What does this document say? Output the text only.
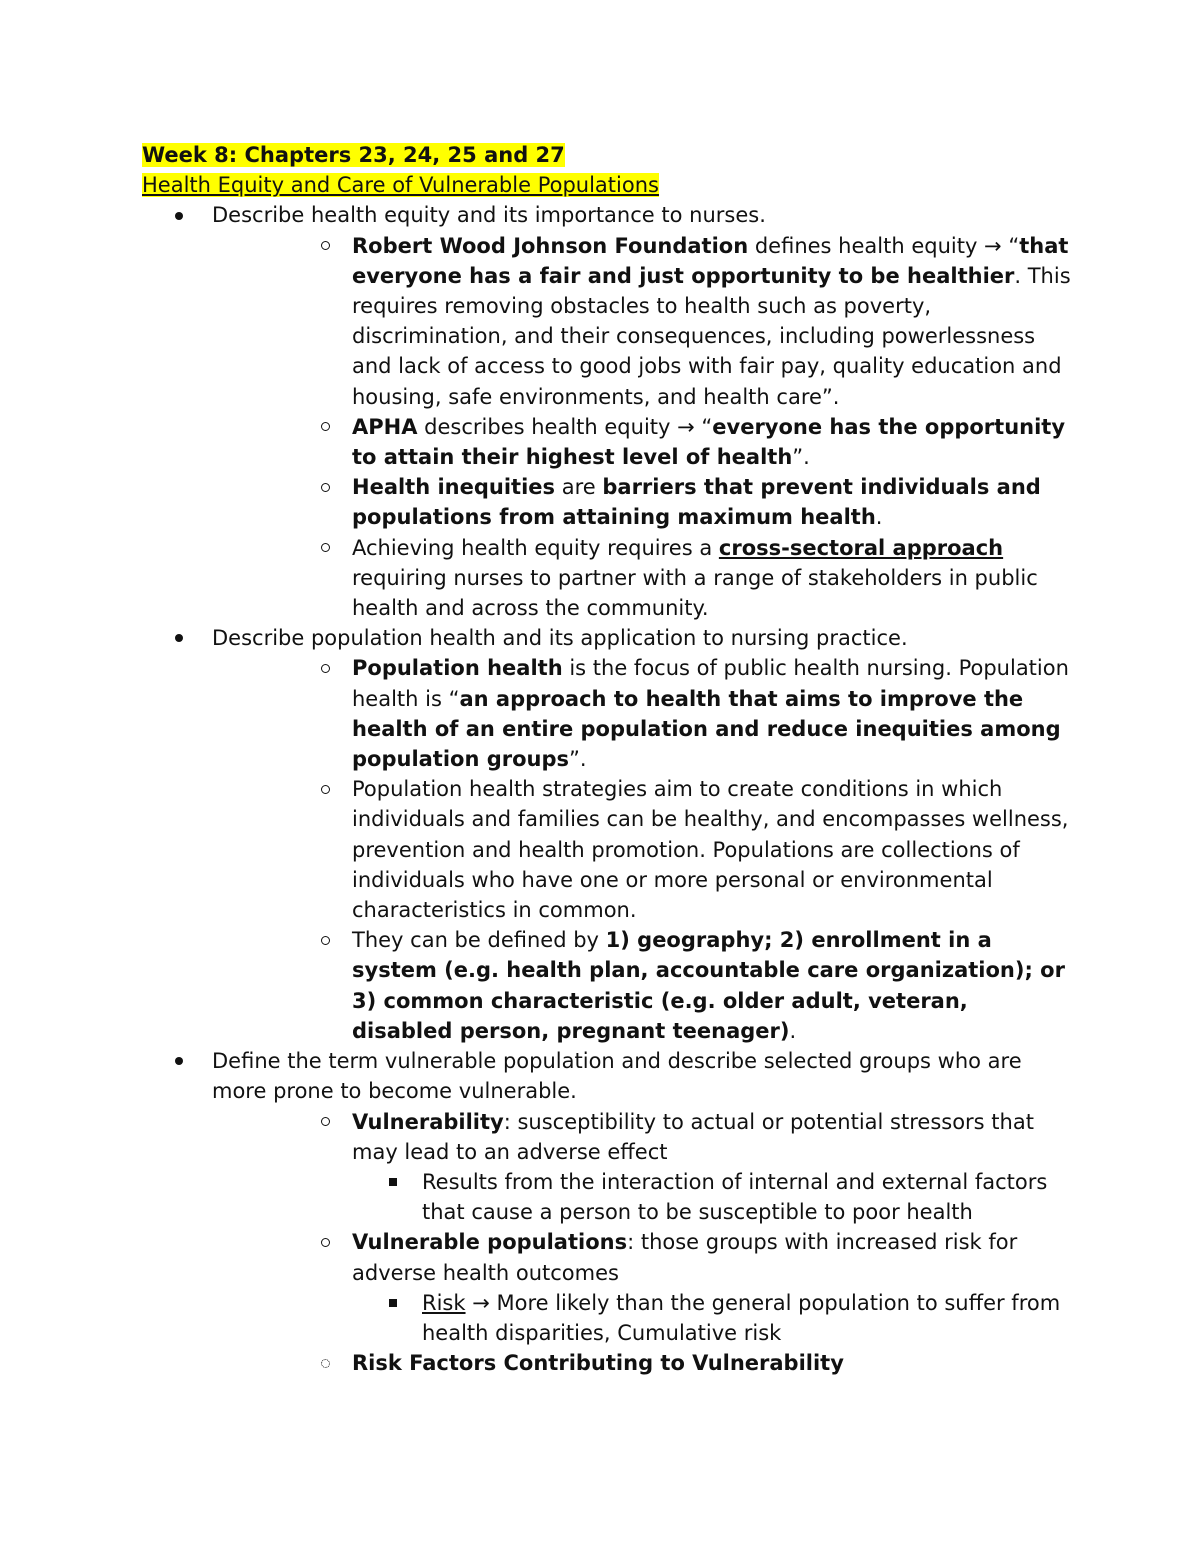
Week 8: Chapters 23, 24, 25 and 27
Health Equity and Care of Vulnerable Populations
Describe health equity and its importance to nurses.
Robert Wood Johnson Foundation defines health equity → “that everyone has a fair and just opportunity to be healthier. This requires removing obstacles to health such as poverty, discrimination, and their consequences, including powerlessness and lack of access to good jobs with fair pay, quality education and housing, safe environments, and health care”.
APHA describes health equity → “everyone has the opportunity to attain their highest level of health”.
Health inequities are barriers that prevent individuals and populations from attaining maximum health.
Achieving health equity requires a cross-sectoral approach requiring nurses to partner with a range of stakeholders in public health and across the community.
Describe population health and its application to nursing practice.
Population health is the focus of public health nursing. Population health is “an approach to health that aims to improve the health of an entire population and reduce inequities among population groups”.
Population health strategies aim to create conditions in which individuals and families can be healthy, and encompasses wellness, prevention and health promotion. Populations are collections of individuals who have one or more personal or environmental characteristics in common.
They can be defined by 1) geography; 2) enrollment in a system (e.g. health plan, accountable care organization); or 3) common characteristic (e.g. older adult, veteran, disabled person, pregnant teenager).
Define the term vulnerable population and describe selected groups who are more prone to become vulnerable.
Vulnerability: susceptibility to actual or potential stressors that may lead to an adverse effect
Results from the interaction of internal and external factors that cause a person to be susceptible to poor health
Vulnerable populations: those groups with increased risk for adverse health outcomes
Risk → More likely than the general population to suffer from health disparities, Cumulative risk
Risk Factors Contributing to Vulnerability
